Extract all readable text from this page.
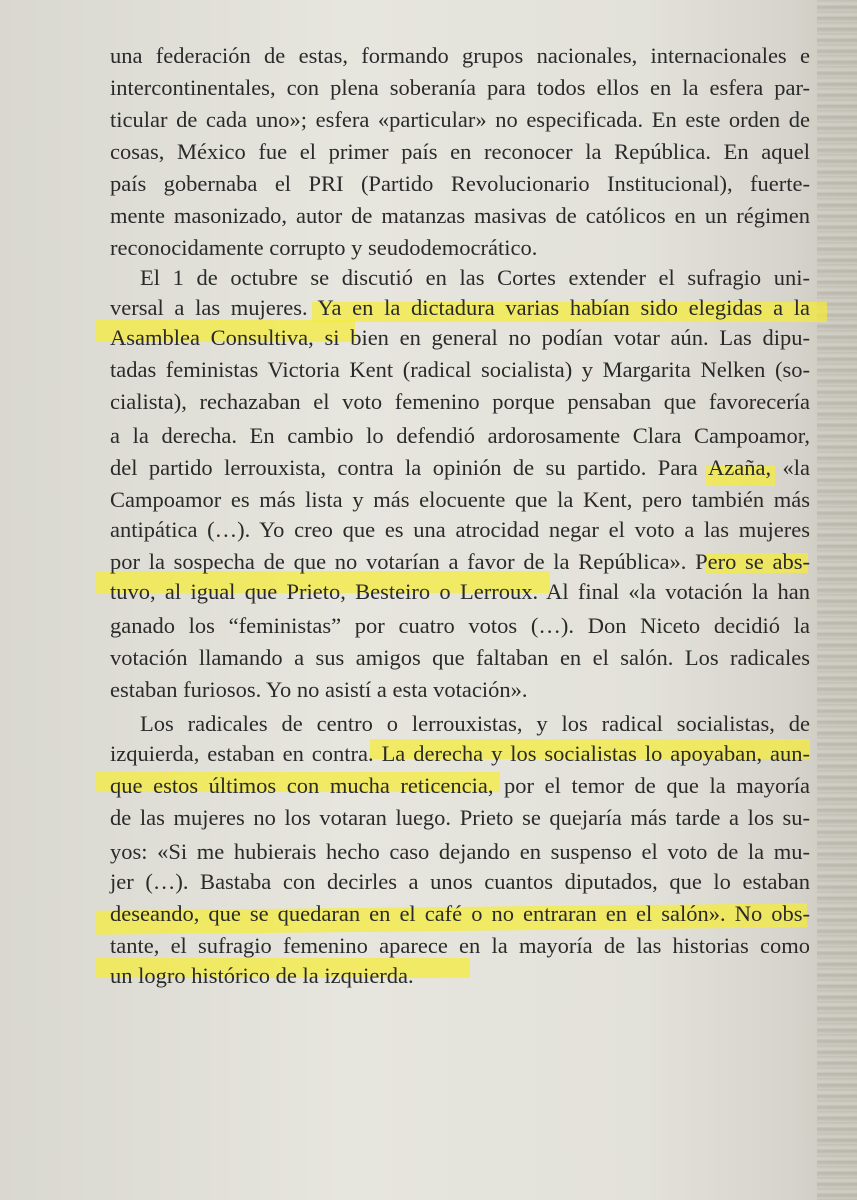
una federación de estas, formando grupos nacionales, internacionales e
intercontinentales, con plena soberanía para todos ellos en la esfera par-
ticular de cada uno»; esfera «particular» no especificada. En este orden de
cosas, México fue el primer país en reconocer la República. En aquel
país gobernaba el PRI (Partido Revolucionario Institucional), fuerte-
mente masonizado, autor de matanzas masivas de católicos en un régimen
reconocidamente corrupto y seudodemocrático.
El 1 de octubre se discutió en las Cortes extender el sufragio uni-
versal a las mujeres. Ya en la dictadura varias habían sido elegidas a la
Asamblea Consultiva, si bien en general no podían votar aún. Las dipu-
tadas feministas Victoria Kent (radical socialista) y Margarita Nelken (so-
cialista), rechazaban el voto femenino porque pensaban que favorecería
a la derecha. En cambio lo defendió ardorosamente Clara Campoamor,
del partido lerrouxista, contra la opinión de su partido. Para Azaña, «la
Campoamor es más lista y más elocuente que la Kent, pero también más
antipática (…). Yo creo que es una atrocidad negar el voto a las mujeres
por la sospecha de que no votarían a favor de la República». Pero se abs-
tuvo, al igual que Prieto, Besteiro o Lerroux. Al final «la votación la han
ganado los “feministas” por cuatro votos (…). Don Niceto decidió la
votación llamando a sus amigos que faltaban en el salón. Los radicales
estaban furiosos. Yo no asistí a esta votación».
Los radicales de centro o lerrouxistas, y los radical socialistas, de
izquierda, estaban en contra. La derecha y los socialistas lo apoyaban, aun-
que estos últimos con mucha reticencia, por el temor de que la mayoría
de las mujeres no los votaran luego. Prieto se quejaría más tarde a los su-
yos: «Si me hubierais hecho caso dejando en suspenso el voto de la mu-
jer (…). Bastaba con decirles a unos cuantos diputados, que lo estaban
deseando, que se quedaran en el café o no entraran en el salón». No obs-
tante, el sufragio femenino aparece en la mayoría de las historias como
un logro histórico de la izquierda.
